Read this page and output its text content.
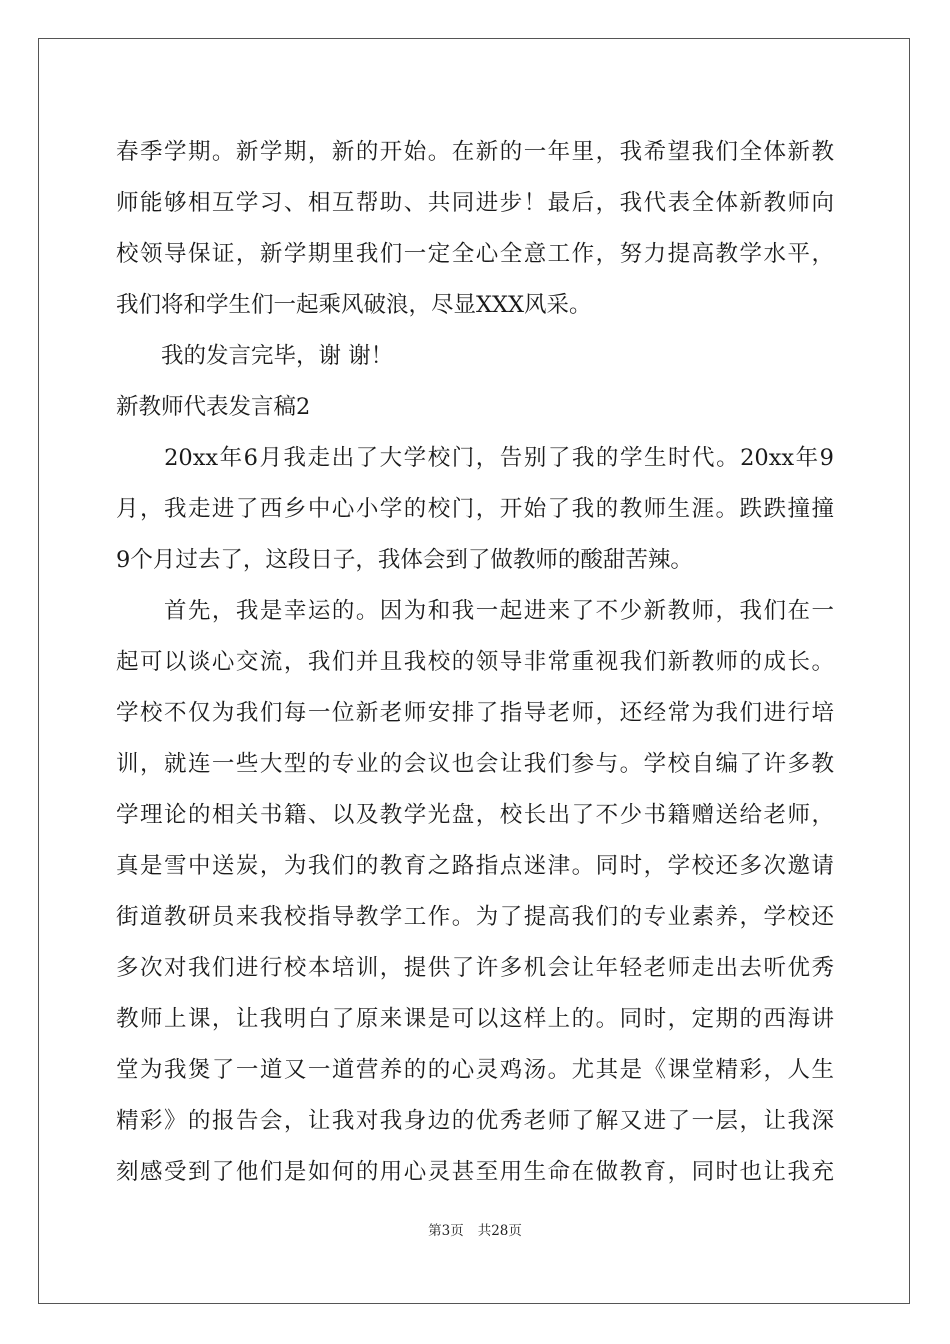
春季学期。新学期，新的开始。在新的一年里，我希望我们全体新教
师能够相互学习、相互帮助、共同进步！最后，我代表全体新教师向
校领导保证，新学期里我们一定全心全意工作，努力提高教学水平，
我们将和学生们一起乘风破浪，尽显XXX风采。
　　我的发言完毕，谢 谢！
新教师代表发言稿2
　　20xx年6月我走出了大学校门，告别了我的学生时代。20xx年9
月，我走进了西乡中心小学的校门，开始了我的教师生涯。跌跌撞撞
9个月过去了，这段日子，我体会到了做教师的酸甜苦辣。
　　首先，我是幸运的。因为和我一起进来了不少新教师，我们在一
起可以谈心交流，我们并且我校的领导非常重视我们新教师的成长。
学校不仅为我们每一位新老师安排了指导老师，还经常为我们进行培
训，就连一些大型的专业的会议也会让我们参与。学校自编了许多教
学理论的相关书籍、以及教学光盘，校长出了不少书籍赠送给老师，
真是雪中送炭，为我们的教育之路指点迷津。同时，学校还多次邀请
街道教研员来我校指导教学工作。为了提高我们的专业素养，学校还
多次对我们进行校本培训，提供了许多机会让年轻老师走出去听优秀
教师上课，让我明白了原来课是可以这样上的。同时，定期的西海讲
堂为我煲了一道又一道营养的的心灵鸡汤。尤其是《课堂精彩，人生
精彩》的报告会，让我对我身边的优秀老师了解又进了一层，让我深
刻感受到了他们是如何的用心灵甚至用生命在做教育，同时也让我充
第3页 共28页
